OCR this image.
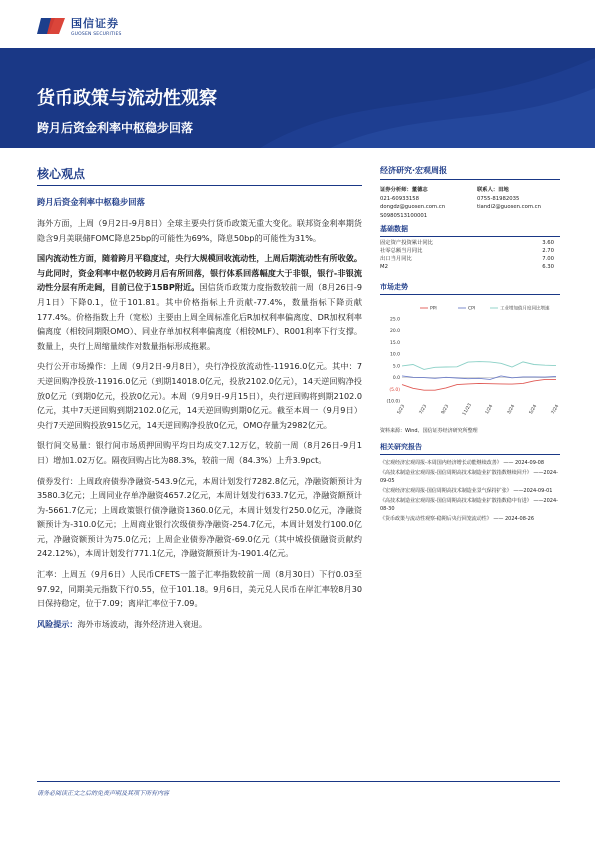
国信证券
GUOSEN SECURITIES
货币政策与流动性观察
跨月后资金利率中枢稳步回落
核心观点
跨月后资金利率中枢稳步回落

海外方面，上周（9月2日-9月8日）全球主要央行货币政策无重大变化。联邦资金利率期货隐含9月美联储FOMC降息25bp的可能性为69%，降息50bp的可能性为31%。

国内流动性方面，随着跨月平稳度过，央行大规模回收流动性，上周后期流动性有所收敛。与此同时，资金利率中枢仍较跨月后有所回落，银行体系回落幅度大于非银，银行-非银流动性分层有所走阔，目前已位于15BP附近。国信货币政策力度指数较前一周（8月26日-9月1日）下降0.1，位于101.81。其中价格指标上升贡献-77.4%，数量指标下降贡献177.4%。价格指数上升（宽松）主要由上周全周标准化后R加权利率偏离度、DR加权利率偏离度（相较同期限OMO）、同业存单加权利率偏离度（相较MLF）、R001利率下行支撑。数量上，央行上周缩量续作对数量指标形成拖累。

央行公开市场操作：上周（9月2日-9月8日），央行净投放流动性-11916.0亿元。其中：7天逆回购净投放-11916.0亿元（到期14018.0亿元，投放2102.0亿元），14天逆回购净投放0亿元（到期0亿元，投放0亿元）。本周（9月9日-9月15日），央行逆回购将到期2102.0亿元，其中7天逆回购到期2102.0亿元，14天逆回购到期0亿元。截至本周一（9月9日）央行7天逆回购投放915亿元，14天逆回购净投放0亿元，OMO存量为2982亿元。

银行间交易量：银行间市场质押回购平均日均成交7.12万亿，较前一周（8月26日-9月1日）增加1.02万亿。隔夜回购占比为88.3%，较前一周（84.3%）上升3.9pct。

债券发行：上周政府债券净融资-543.9亿元，本周计划发行7282.8亿元，净融资额预计为3580.3亿元；上周同业存单净融资4657.2亿元，本周计划发行633.7亿元，净融资额预计为-5661.7亿元；上周政策银行债净融资1360.0亿元，本周计划发行250.0亿元，净融资额预计为-310.0亿元；上周商业银行次级债券净融资-254.7亿元，本周计划发行100.0亿元，净融资额预计为75.0亿元；上周企业债券净融资-69.0亿元（其中城投债融资贡献约242.12%），本周计划发行771.1亿元，净融资额预计为-1901.4亿元。

汇率：上周五（9月6日）人民币CFETS一篮子汇率指数较前一周（8月30日）下行0.03至97.92，同期美元指数下行0.55，位于101.18。9月6日，美元兑人民币在岸汇率较8月30日保持稳定，位于7.09；离岸汇率位于7.09。

风险提示：海外市场波动，海外经济进入衰退。
经济研究·宏观周报
证券分析师：董德志
021-60933158
dongdz@guosen.com.cn
S0980513100001
联系人：田地
0755-81982035
tiandi2@guosen.com.cn
基础数据
固定资产投资累计同比	3.60
社零总额当月同比	2.70
出口当月同比	7.00
M2	6.30
市场走势
25.0
20.0
15.0
10.0
5.0
0.0
(5.0)
(10.0)
5/23	7/23	9/23	11/23	1/24	3/24	5/24	7/24
PPI	CPI	工业增加值月度同比增速
资料来源：Wind、国信证券经济研究所整理
相关研究报告
《宏观经济宏观周报-本周国内经济增长动能继续改善》 —— 2024-09-08
《高技术制造业宏观周报-国信周期高技术制造业扩散指数继续回升》 ——2024-09-05
《宏观经济宏观周报-国信周期高技术制造业景气保持扩张》 ——2024-09-01
《高技术制造业宏观周报-国信周期高技术制造业扩散指数稳中有进》 ——2024-08-30
《货币政策与流动性观察-稳期后央行回笼流动性》 —— 2024-08-26
请务必阅读正文之后的免责声明及其项下所有内容
